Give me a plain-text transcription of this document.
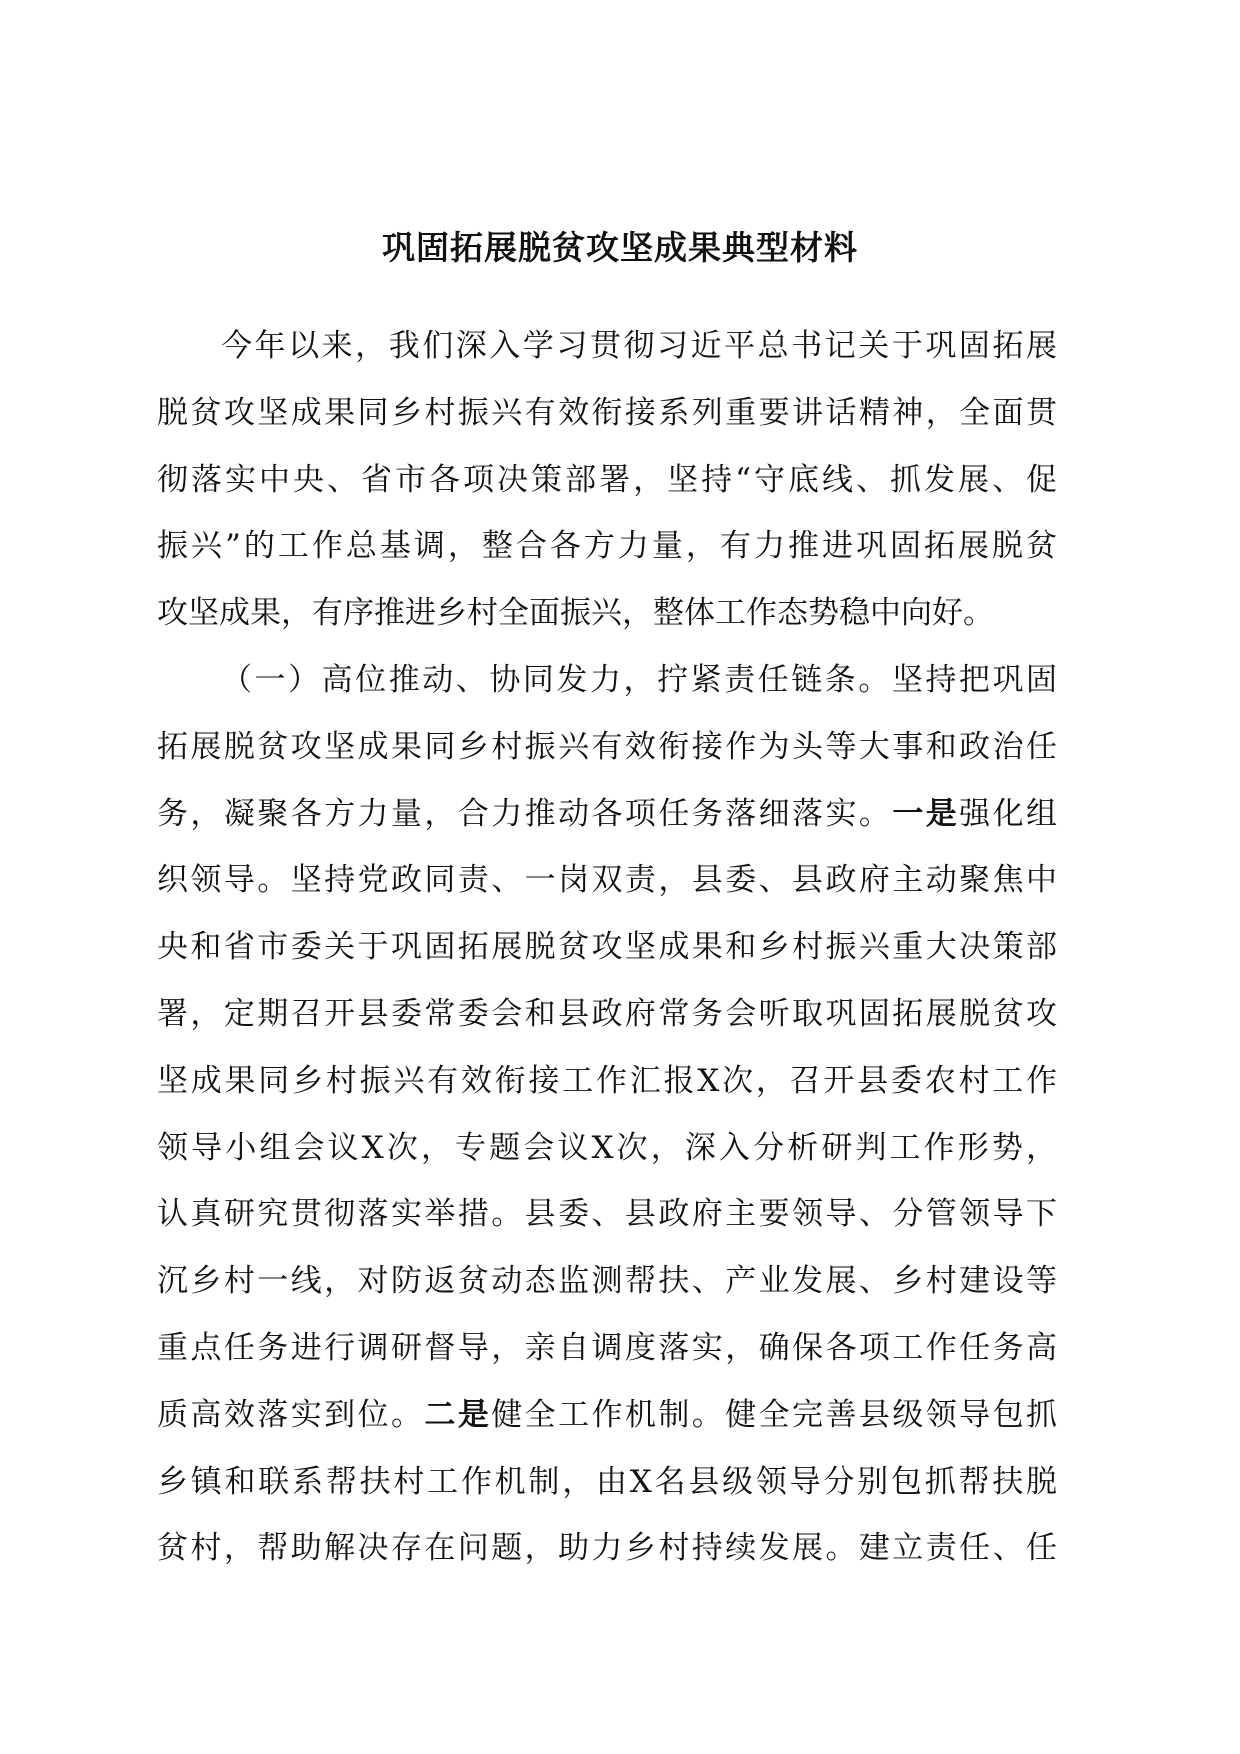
巩固拓展脱贫攻坚成果典型材料
今年以来，我们深入学习贯彻习近平总书记关于巩固拓展
脱贫攻坚成果同乡村振兴有效衔接系列重要讲话精神，全面贯
彻落实中央、省市各项决策部署，坚持“守底线、抓发展、促
振兴”的工作总基调，整合各方力量，有力推进巩固拓展脱贫
攻坚成果，有序推进乡村全面振兴，整体工作态势稳中向好。
（一）高位推动、协同发力，拧紧责任链条。坚持把巩固
拓展脱贫攻坚成果同乡村振兴有效衔接作为头等大事和政治任
务，凝聚各方力量，合力推动各项任务落细落实。一是强化组
织领导。坚持党政同责、一岗双责，县委、县政府主动聚焦中
央和省市委关于巩固拓展脱贫攻坚成果和乡村振兴重大决策部
署，定期召开县委常委会和县政府常务会听取巩固拓展脱贫攻
坚成果同乡村振兴有效衔接工作汇报X次，召开县委农村工作
领导小组会议X次，专题会议X次，深入分析研判工作形势，
认真研究贯彻落实举措。县委、县政府主要领导、分管领导下
沉乡村一线，对防返贫动态监测帮扶、产业发展、乡村建设等
重点任务进行调研督导，亲自调度落实，确保各项工作任务高
质高效落实到位。二是健全工作机制。健全完善县级领导包抓
乡镇和联系帮扶村工作机制，由X名县级领导分别包抓帮扶脱
贫村，帮助解决存在问题，助力乡村持续发展。建立责任、任
